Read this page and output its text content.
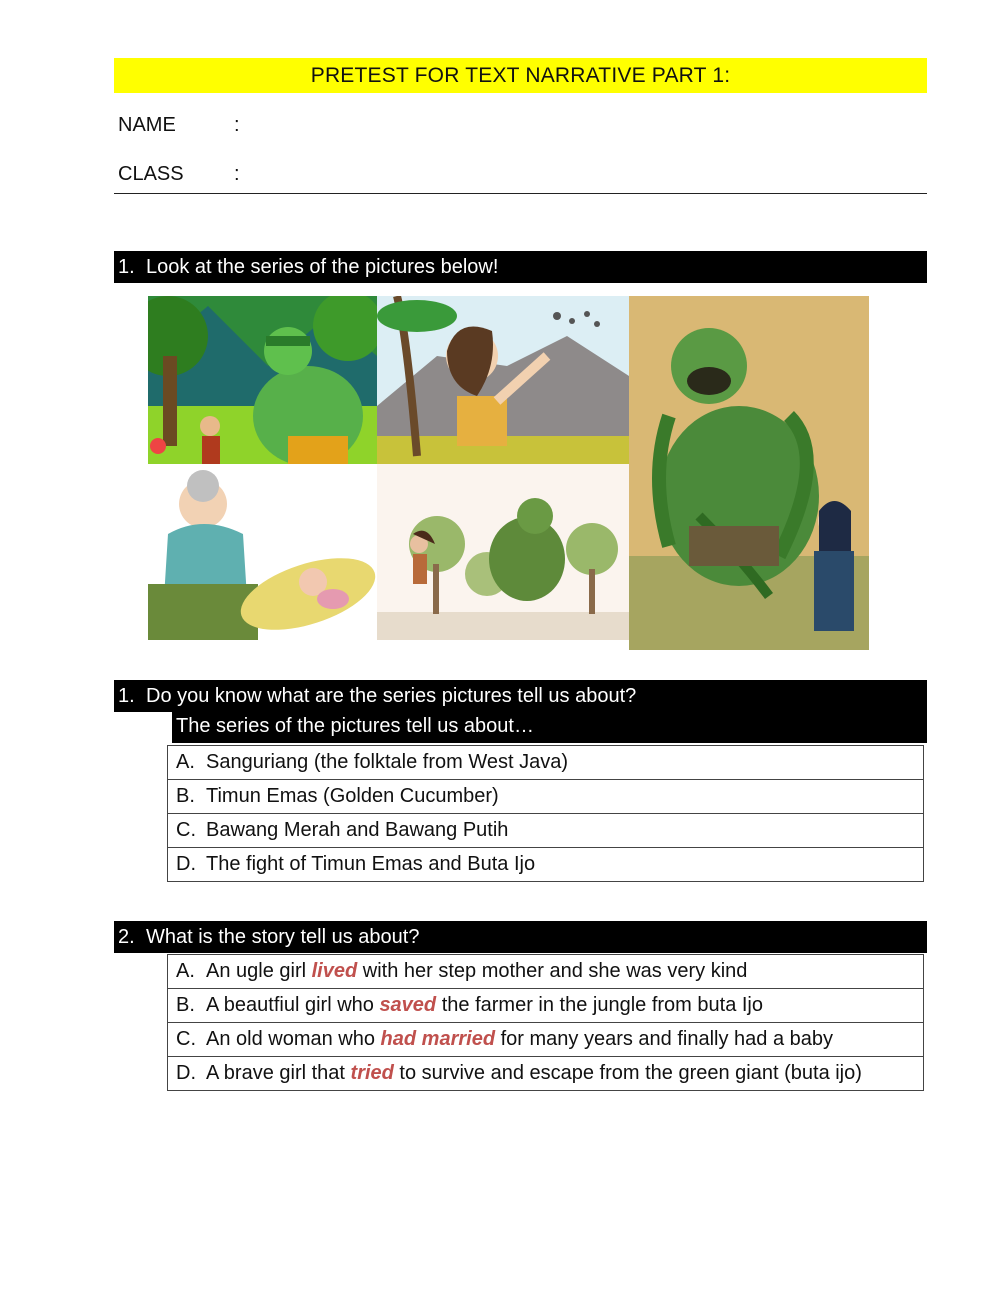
PRETEST FOR TEXT NARRATIVE PART 1:
NAME	:
CLASS	:
1. Look at the series of the pictures below!
1. Do you know what are the series pictures tell us about?
The series of the pictures tell us about…
A. Sanguriang (the folktale from West Java)
B. Timun Emas (Golden Cucumber)
C. Bawang Merah and Bawang Putih
D. The fight of Timun Emas and Buta Ijo
2. What is the story tell us about?
A. An ugle girl lived with her step mother and she was very kind
B. A beautfiul girl who saved the farmer in the jungle from buta Ijo
C. An old woman who had married for many years and finally had a baby
D. A brave girl that tried to survive and escape from the green giant (buta ijo)
